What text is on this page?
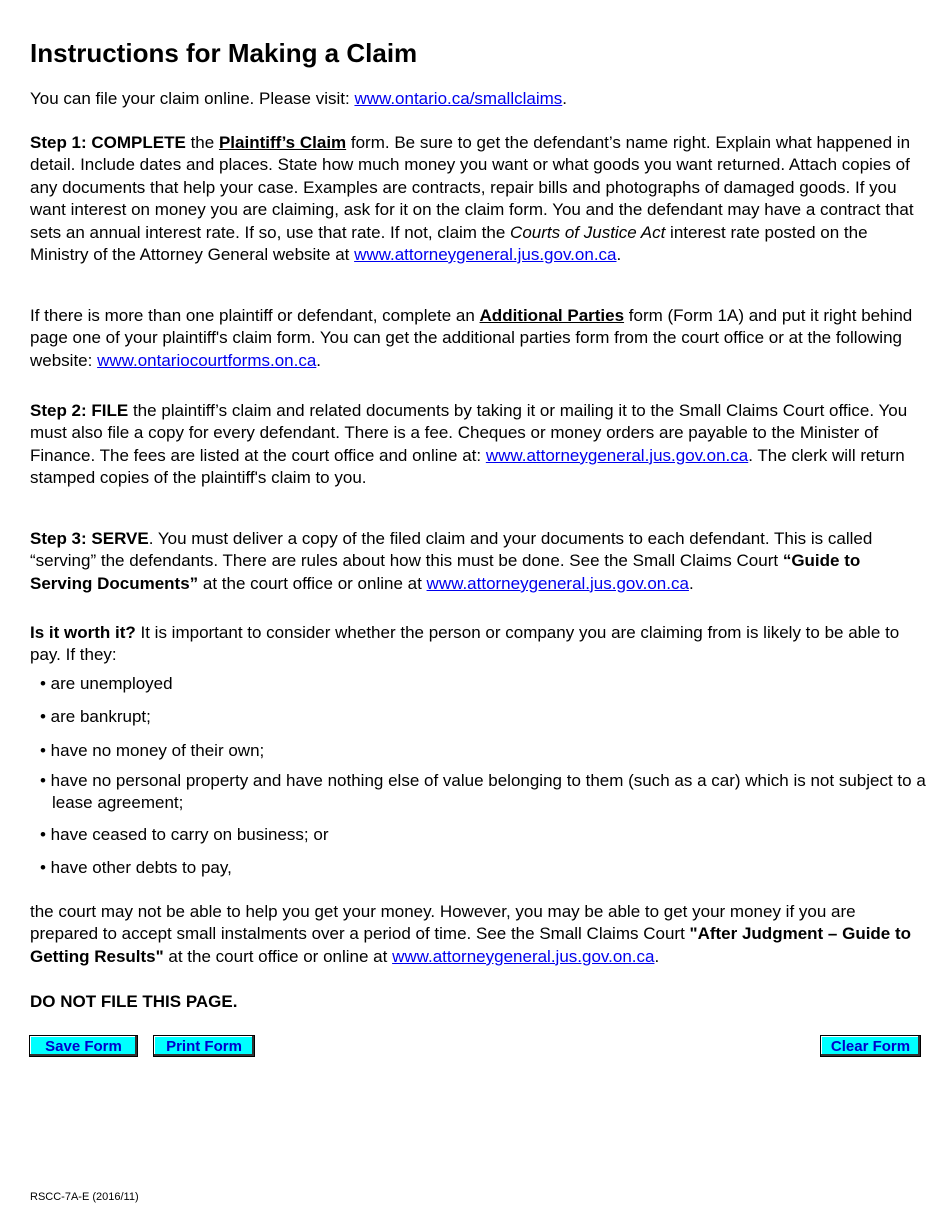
Instructions for Making a Claim

You can file your claim online. Please visit: www.ontario.ca/smallclaims.

Step 1: COMPLETE the Plaintiff’s Claim form. Be sure to get the defendant’s name right. Explain what happened in detail. Include dates and places. State how much money you want or what goods you want returned. Attach copies of any documents that help your case. Examples are contracts, repair bills and photographs of damaged goods. If you want interest on money you are claiming, ask for it on the claim form. You and the defendant may have a contract that sets an annual interest rate. If so, use that rate. If not, claim the Courts of Justice Act interest rate posted on the Ministry of the Attorney General website at www.attorneygeneral.jus.gov.on.ca.

If there is more than one plaintiff or defendant, complete an Additional Parties form (Form 1A) and put it right behind page one of your plaintiff's claim form. You can get the additional parties form from the court office or at the following website: www.ontariocourtforms.on.ca.

Step 2: FILE the plaintiff’s claim and related documents by taking it or mailing it to the Small Claims Court office. You must also file a copy for every defendant. There is a fee. Cheques or money orders are payable to the Minister of Finance. The fees are listed at the court office and online at: www.attorneygeneral.jus.gov.on.ca. The clerk will return stamped copies of the plaintiff's claim to you.

Step 3: SERVE. You must deliver a copy of the filed claim and your documents to each defendant. This is called “serving” the defendants. There are rules about how this must be done. See the Small Claims Court “Guide to Serving Documents” at the court office or online at www.attorneygeneral.jus.gov.on.ca.

Is it worth it? It is important to consider whether the person or company you are claiming from is likely to be able to pay. If they:

• are unemployed
• are bankrupt;
• have no money of their own;
• have no personal property and have nothing else of value belonging to them (such as a car) which is not subject to a lease agreement;
• have ceased to carry on business; or
• have other debts to pay,

the court may not be able to help you get your money. However, you may be able to get your money if you are prepared to accept small instalments over a period of time. See the Small Claims Court "After Judgment – Guide to Getting Results" at the court office or online at www.attorneygeneral.jus.gov.on.ca.

DO NOT FILE THIS PAGE.

Save Form	Print Form	Clear Form
RSCC-7A-E (2016/11)
